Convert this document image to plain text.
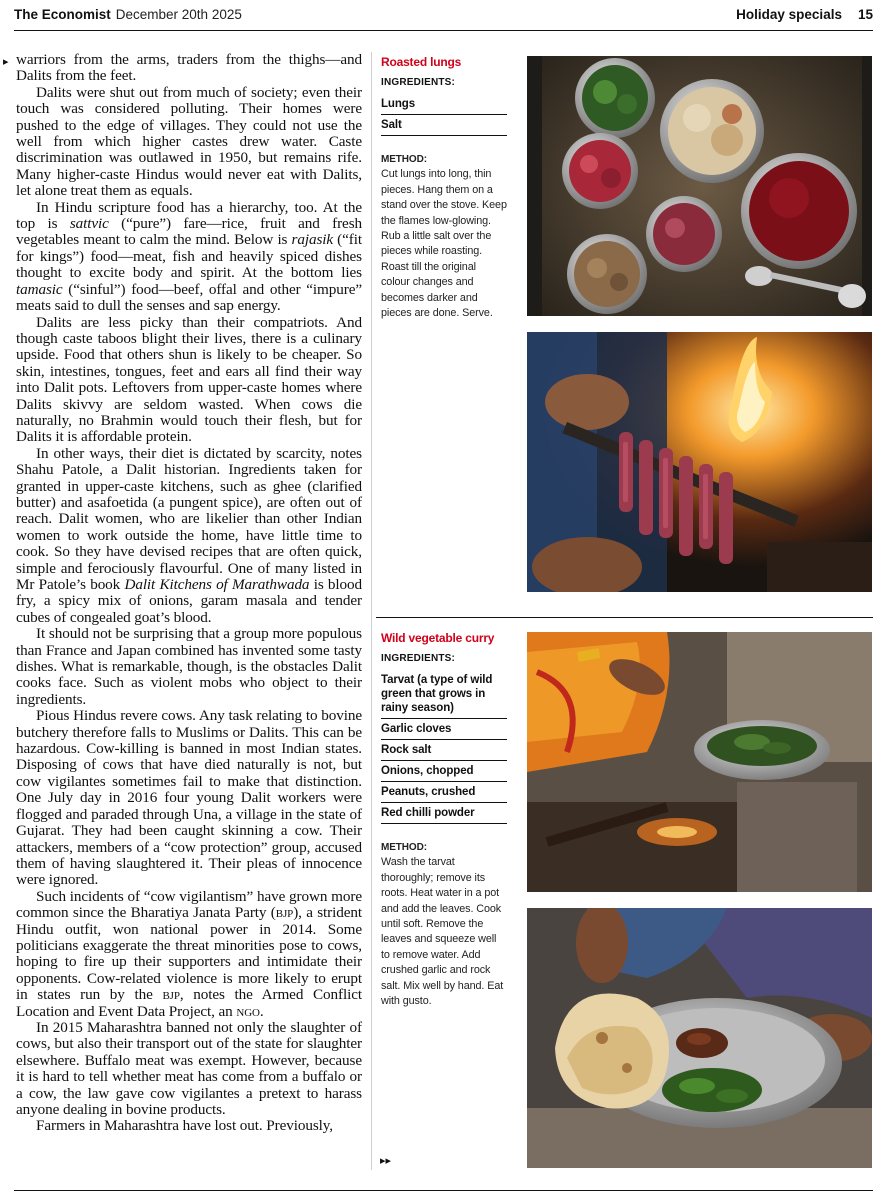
The Economist December 20th 2025	Holiday specials 15
▸ warriors from the arms, traders from the thighs—and Dalits from the feet.

Dalits were shut out from much of society; even their touch was considered polluting. Their homes were pushed to the edge of villages. They could not use the well from which higher castes drew water. Caste discrimination was outlawed in 1950, but remains rife. Many higher-caste Hindus would never eat with Dalits, let alone treat them as equals.

In Hindu scripture food has a hierarchy, too. At the top is sattvic (“pure”) fare—rice, fruit and fresh vegetables meant to calm the mind. Below is rajasik (“fit for kings”) food—meat, fish and heavily spiced dishes thought to excite body and spirit. At the bottom lies tamasic (“sinful”) food—beef, offal and other “impure” meats said to dull the senses and sap energy.

Dalits are less picky than their compatriots. And though caste taboos blight their lives, there is a culinary upside. Food that others shun is likely to be cheaper. So skin, intestines, tongues, feet and ears all find their way into Dalit pots. Leftovers from upper-caste homes where Dalits skivvy are seldom wasted. When cows die naturally, no Brahmin would touch their flesh, but for Dalits it is affordable protein.

In other ways, their diet is dictated by scarcity, notes Shahu Patole, a Dalit historian. Ingredients taken for granted in upper-caste kitchens, such as ghee (clarified butter) and asafoetida (a pungent spice), are often out of reach. Dalit women, who are likelier than other Indian women to work outside the home, have little time to cook. So they have devised recipes that are often quick, simple and ferociously flavourful. One of many listed in Mr Patole’s book Dalit Kitchens of Marathwada is blood fry, a spicy mix of onions, garam masala and tender cubes of congealed goat’s blood.

It should not be surprising that a group more populous than France and Japan combined has invented some tasty dishes. What is remarkable, though, is the obstacles Dalit cooks face. Such as violent mobs who object to their ingredients.

Pious Hindus revere cows. Any task relating to bovine butchery therefore falls to Muslims or Dalits. This can be hazardous. Cow-killing is banned in most Indian states. Disposing of cows that have died naturally is not, but cow vigilantes sometimes fail to make that distinction. One July day in 2016 four young Dalit workers were flogged and paraded through Una, a village in the state of Gujarat. They had been caught skinning a cow. Their attackers, members of a “cow protection” group, accused them of having slaughtered it. Their pleas of innocence were ignored.

Such incidents of “cow vigilantism” have grown more common since the Bharatiya Janata Party (bjp), a strident Hindu outfit, won national power in 2014. Some politicians exaggerate the threat minorities pose to cows, hoping to fire up their supporters and intimidate their opponents. Cow-related violence is more likely to erupt in states run by the bjp, notes the Armed Conflict Location and Event Data Project, an ngo.

In 2015 Maharashtra banned not only the slaughter of cows, but also their transport out of the state for slaughter elsewhere. Buffalo meat was exempt. However, because it is hard to tell whether meat has come from a buffalo or a cow, the law gave cow vigilantes a pretext to harass anyone dealing in bovine products.

Farmers in Maharashtra have lost out. Previously,

▸▸
Roasted lungs
INGREDIENTS:
Lungs
Salt
METHOD:
Cut lungs into long, thin pieces. Hang them on a stand over the stove. Keep the flames low-glowing. Rub a little salt over the pieces while roasting. Roast till the original colour changes and becomes darker and pieces are done. Serve.
Wild vegetable curry
INGREDIENTS:
Tarvat (a type of wild green that grows in rainy season)
Garlic cloves
Rock salt
Onions, chopped
Peanuts, crushed
Red chilli powder
METHOD:
Wash the tarvat thoroughly; remove its roots. Heat water in a pot and add the leaves. Cook until soft. Remove the leaves and squeeze well to remove water. Add crushed garlic and rock salt. Mix well by hand. Eat with gusto.
